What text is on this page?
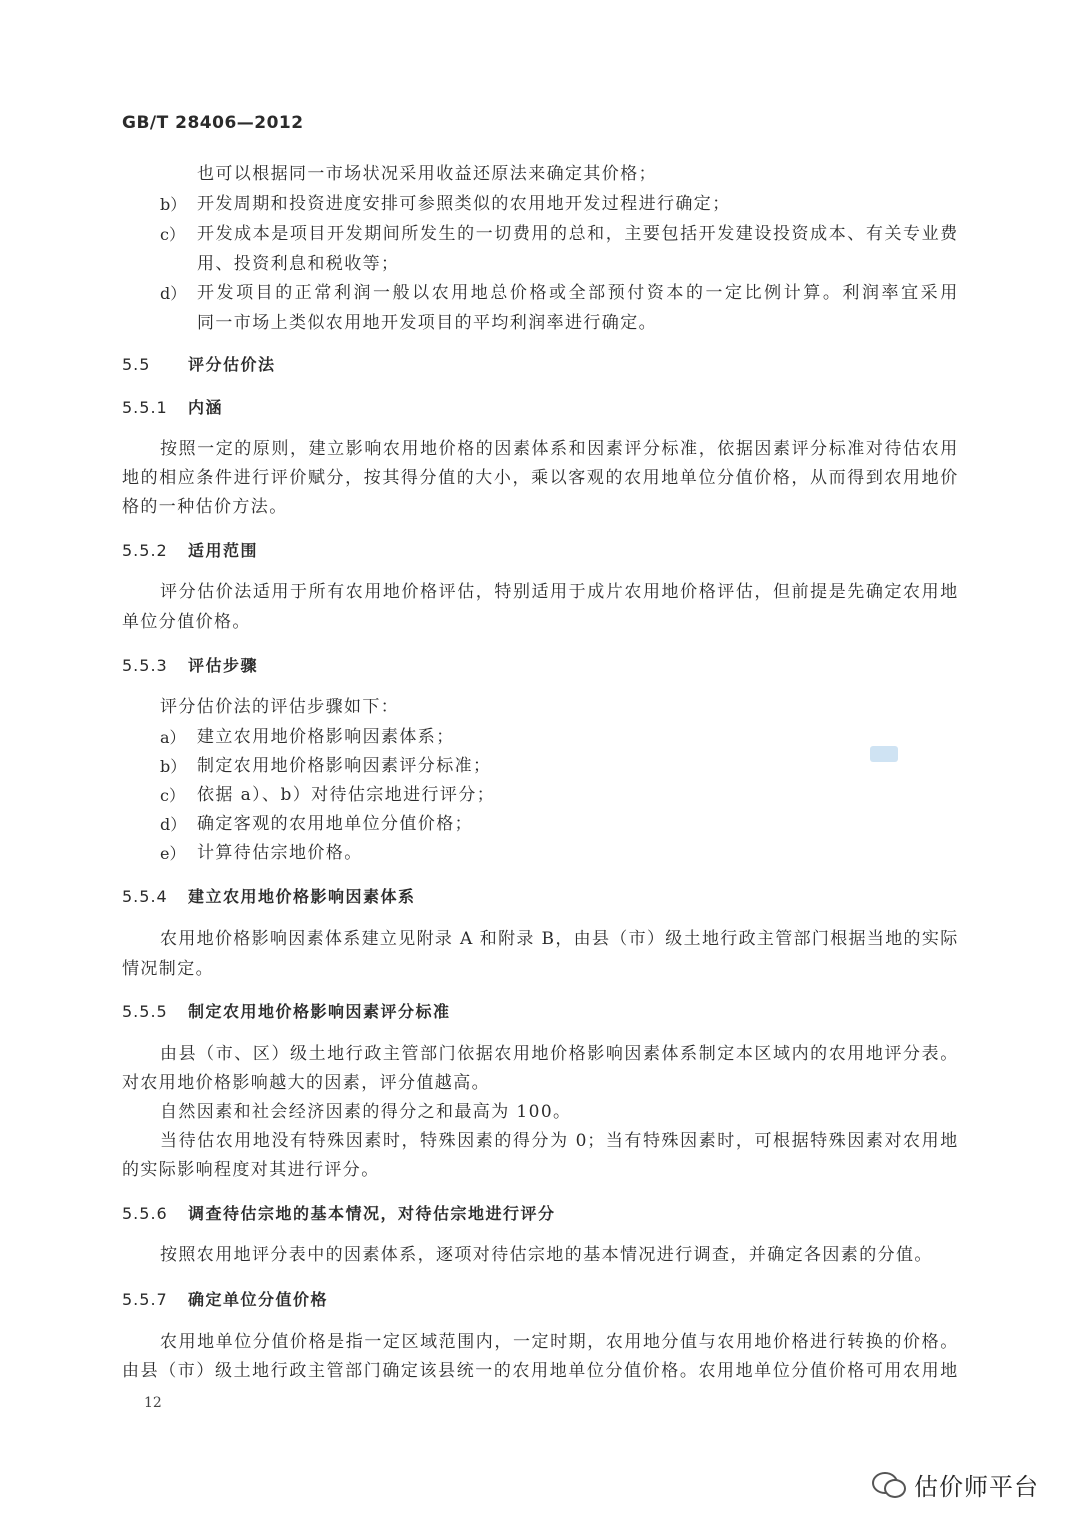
GB/T 28406—2012
也可以根据同一市场状况采用收益还原法来确定其价格；
b） 开发周期和投资进度安排可参照类似的农用地开发过程进行确定；
c） 开发成本是项目开发期间所发生的一切费用的总和，主要包括开发建设投资成本、有关专业费
用、投资利息和税收等；
d） 开发项目的正常利润一般以农用地总价格或全部预付资本的一定比例计算。利润率宜采用
同一市场上类似农用地开发项目的平均利润率进行确定。
5.5 评分估价法
5.5.1 内涵
按照一定的原则，建立影响农用地价格的因素体系和因素评分标准，依据因素评分标准对待估农用
地的相应条件进行评价赋分，按其得分值的大小，乘以客观的农用地单位分值价格，从而得到农用地价
格的一种估价方法。
5.5.2 适用范围
评分估价法适用于所有农用地价格评估，特别适用于成片农用地价格评估，但前提是先确定农用地
单位分值价格。
5.5.3 评估步骤
评分估价法的评估步骤如下：
a） 建立农用地价格影响因素体系；
b） 制定农用地价格影响因素评分标准；
c） 依据 a）、b）对待估宗地进行评分；
d） 确定客观的农用地单位分值价格；
e） 计算待估宗地价格。
5.5.4 建立农用地价格影响因素体系
农用地价格影响因素体系建立见附录 A 和附录 B，由县（市）级土地行政主管部门根据当地的实际
情况制定。
5.5.5 制定农用地价格影响因素评分标准
由县（市、区）级土地行政主管部门依据农用地价格影响因素体系制定本区域内的农用地评分表。
对农用地价格影响越大的因素，评分值越高。
自然因素和社会经济因素的得分之和最高为 100。
当待估农用地没有特殊因素时，特殊因素的得分为 0；当有特殊因素时，可根据特殊因素对农用地
的实际影响程度对其进行评分。
5.5.6 调查待估宗地的基本情况，对待估宗地进行评分
按照农用地评分表中的因素体系，逐项对待估宗地的基本情况进行调查，并确定各因素的分值。
5.5.7 确定单位分值价格
农用地单位分值价格是指一定区域范围内，一定时期，农用地分值与农用地价格进行转换的价格。
由县（市）级土地行政主管部门确定该县统一的农用地单位分值价格。农用地单位分值价格可用农用地
12
估价师平台
